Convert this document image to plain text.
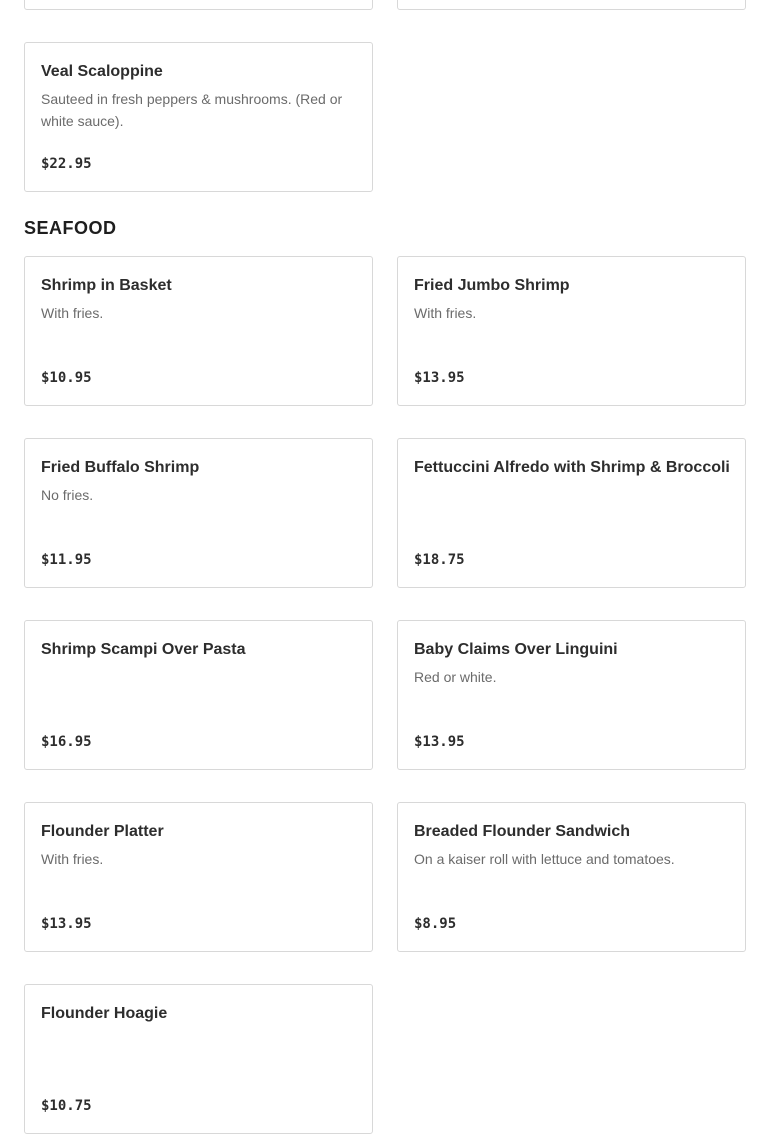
Veal Scaloppine
Sauteed in fresh peppers & mushrooms. (Red or white sauce).
$22.95
SEAFOOD
Shrimp in Basket
With fries.
$10.95
Fried Jumbo Shrimp
With fries.
$13.95
Fried Buffalo Shrimp
No fries.
$11.95
Fettuccini Alfredo with Shrimp & Broccoli
$18.75
Shrimp Scampi Over Pasta
$16.95
Baby Claims Over Linguini
Red or white.
$13.95
Flounder Platter
With fries.
$13.95
Breaded Flounder Sandwich
On a kaiser roll with lettuce and tomatoes.
$8.95
Flounder Hoagie
$10.75
